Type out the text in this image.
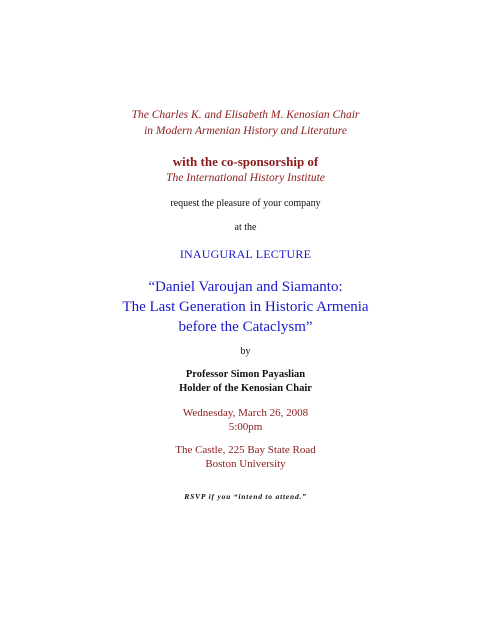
The Charles K. and Elisabeth M. Kenosian Chair
in Modern Armenian History and Literature
with the co-sponsorship of
The International History Institute
request the pleasure of your company
at the
INAUGURAL LECTURE
“Daniel Varoujan and Siamanto:
The Last Generation in Historic Armenia
before the Cataclysm”
by
Professor Simon Payaslian
Holder of the Kenosian Chair
Wednesday, March 26, 2008
5:00pm
The Castle, 225 Bay State Road
Boston University
RSVP if you “intend to attend.”
